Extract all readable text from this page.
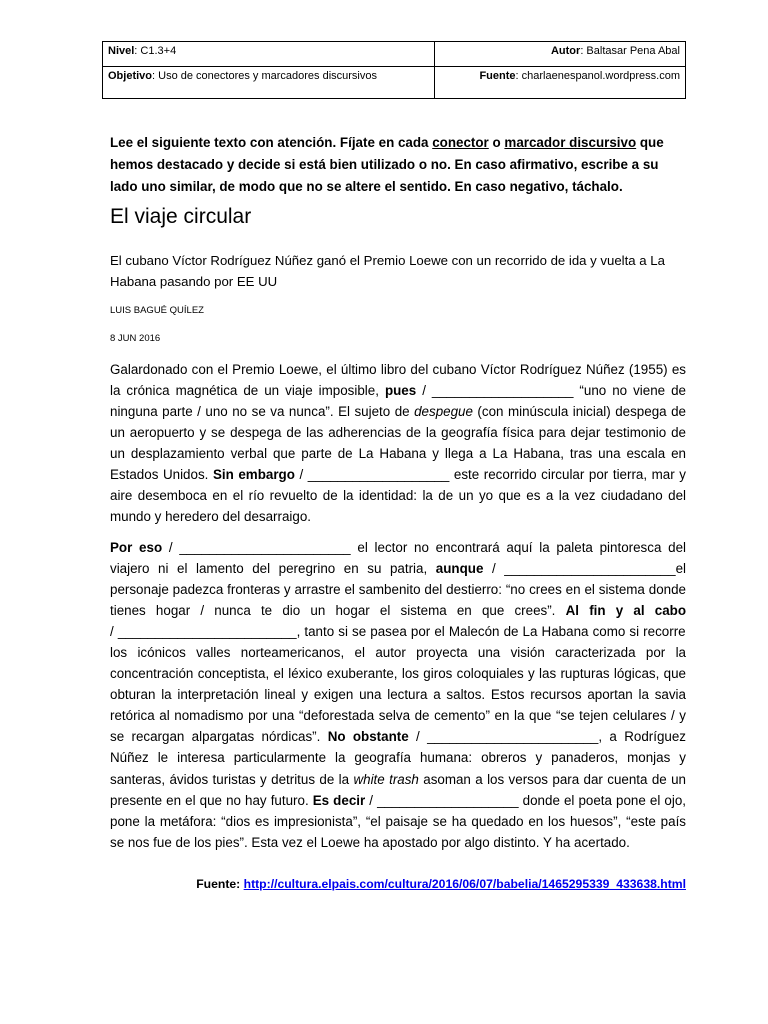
Nivel: C1.3+4	Autor: Baltasar Pena Abal
Objetivo: Uso de conectores y marcadores discursivos	Fuente: charlaenespanol.wordpress.com
Lee el siguiente texto con atención. Fíjate en cada conector o marcador discursivo que hemos destacado y decide si está bien utilizado o no. En caso afirmativo, escribe a su lado uno similar, de modo que no se altere el sentido. En caso negativo, táchalo.
El viaje circular
El cubano Víctor Rodríguez Núñez ganó el Premio Loewe con un recorrido de ida y vuelta a La Habana pasando por EE UU
LUIS BAGUÉ QUÍLEZ
8 JUN 2016
Galardonado con el Premio Loewe, el último libro del cubano Víctor Rodríguez Núñez (1955) es la crónica magnética de un viaje imposible, pues / ___________________ “uno no viene de ninguna parte / uno no se va nunca”. El sujeto de despegue (con minúscula inicial) despega de un aeropuerto y se despega de las adherencias de la geografía física para dejar testimonio de un desplazamiento verbal que parte de La Habana y llega a La Habana, tras una escala en Estados Unidos. Sin embargo / ___________________ este recorrido circular por tierra, mar y aire desemboca en el río revuelto de la identidad: la de un yo que es a la vez ciudadano del mundo y heredero del desarraigo.
Por eso / _______________________ el lector no encontrará aquí la paleta pintoresca del viajero ni el lamento del peregrino en su patria, aunque / _______________________el personaje padezca fronteras y arrastre el sambenito del destierro: “no crees en el sistema donde tienes hogar / nunca te dio un hogar el sistema en que crees”. Al fin y al cabo / ________________________, tanto si se pasea por el Malecón de La Habana como si recorre los icónicos valles norteamericanos, el autor proyecta una visión caracterizada por la concentración conceptista, el léxico exuberante, los giros coloquiales y las rupturas lógicas, que obturan la interpretación lineal y exigen una lectura a saltos. Estos recursos aportan la savia retórica al nomadismo por una “deforestada selva de cemento” en la que “se tejen celulares / y se recargan alpargatas nórdicas”. No obstante / _______________________, a Rodríguez Núñez le interesa particularmente la geografía humana: obreros y panaderos, monjas y santeras, ávidos turistas y detritus de la white trash asoman a los versos para dar cuenta de un presente en el que no hay futuro. Es decir / ___________________ donde el poeta pone el ojo, pone la metáfora: “dios es impresionista”, “el paisaje se ha quedado en los huesos”, “este país se nos fue de los pies”. Esta vez el Loewe ha apostado por algo distinto. Y ha acertado.
Fuente: http://cultura.elpais.com/cultura/2016/06/07/babelia/1465295339_433638.html
